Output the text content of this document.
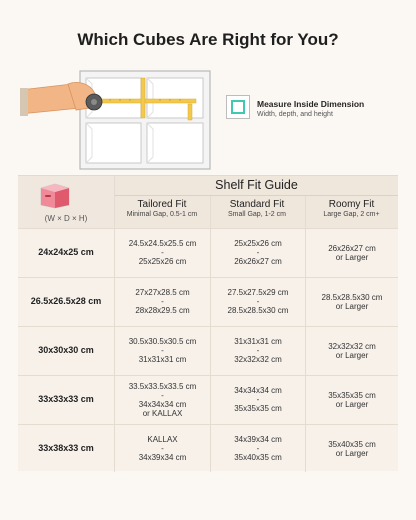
Which Cubes Are Right for You?
Measure Inside Dimension
Width, depth, and height
(W × D × H)
Shelf Fit Guide
Tailored Fit
Minimal Gap, 0.5-1 cm
Standard Fit
Small Gap, 1-2 cm
Roomy Fit
Large Gap, 2 cm+
24x24x25 cm
24.5x24.5x25.5 cm
-
25x25x26 cm
25x25x26 cm
-
26x26x27 cm
26x26x27 cm
or Larger
26.5x26.5x28 cm
27x27x28.5 cm
-
28x28x29.5 cm
27.5x27.5x29 cm
-
28.5x28.5x30 cm
28.5x28.5x30 cm
or Larger
30x30x30 cm
30.5x30.5x30.5 cm
-
31x31x31 cm
31x31x31 cm
-
32x32x32 cm
32x32x32 cm
or Larger
33x33x33 cm
33.5x33.5x33.5 cm
-
34x34x34 cm
or KALLAX
34x34x34 cm
-
35x35x35 cm
35x35x35 cm
or Larger
33x38x33 cm
KALLAX
-
34x39x34 cm
34x39x34 cm
-
35x40x35 cm
35x40x35 cm
or Larger
